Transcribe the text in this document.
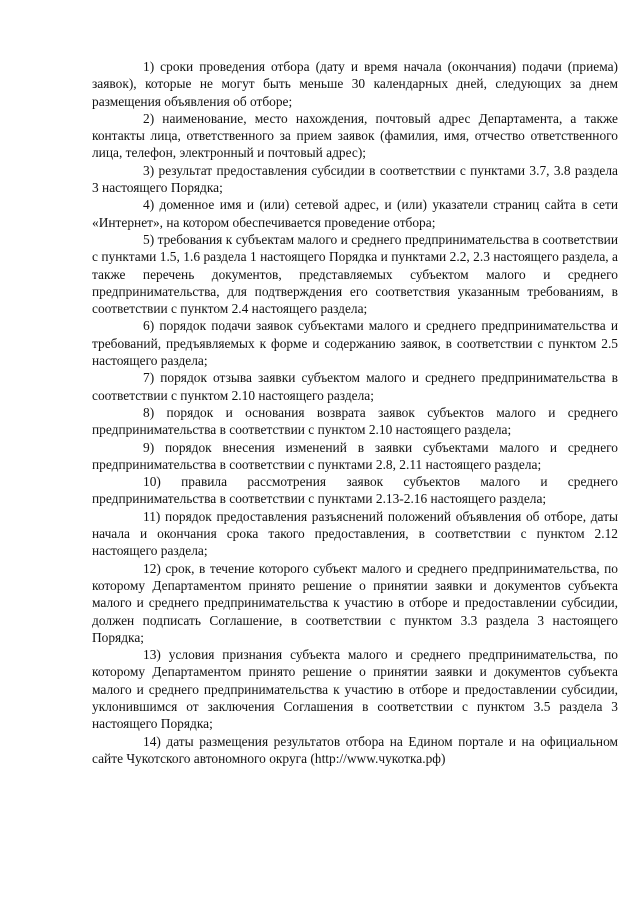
1) сроки проведения отбора (дату и время начала (окончания) подачи (приема) заявок), которые не могут быть меньше 30 календарных дней, следующих за днем размещения объявления об отборе;

2) наименование, место нахождения, почтовый адрес Департамента, а также контакты лица, ответственного за прием заявок (фамилия, имя, отчество ответственного лица, телефон, электронный и почтовый адрес);

3) результат предоставления субсидии в соответствии с пунктами 3.7, 3.8 раздела 3 настоящего Порядка;

4) доменное имя и (или) сетевой адрес, и (или) указатели страниц сайта в сети «Интернет», на котором обеспечивается проведение отбора;

5) требования к субъектам малого и среднего предпринимательства в соответствии с пунктами 1.5, 1.6 раздела 1 настоящего Порядка и пунктами 2.2, 2.3 настоящего раздела, а также перечень документов, представляемых субъектом малого и среднего предпринимательства, для подтверждения его соответствия указанным требованиям, в соответствии с пунктом 2.4 настоящего раздела;

6) порядок подачи заявок субъектами малого и среднего предпринимательства и требований, предъявляемых к форме и содержанию заявок, в соответствии с пунктом 2.5 настоящего раздела;

7) порядок отзыва заявки субъектом малого и среднего предпринимательства в соответствии с пунктом 2.10 настоящего раздела;

8) порядок и основания возврата заявок субъектов малого и среднего предпринимательства в соответствии с пунктом 2.10 настоящего раздела;

9) порядок внесения изменений в заявки субъектами малого и среднего предпринимательства в соответствии с пунктами 2.8, 2.11 настоящего раздела;

10) правила рассмотрения заявок субъектов малого и среднего предпринимательства в соответствии с пунктами 2.13-2.16 настоящего раздела;

11) порядок предоставления разъяснений положений объявления об отборе, даты начала и окончания срока такого предоставления, в соответствии с пунктом 2.12 настоящего раздела;

12) срок, в течение которого субъект малого и среднего предпринимательства, по которому Департаментом принято решение о принятии заявки и документов субъекта малого и среднего предпринимательства к участию в отборе и предоставлении субсидии, должен подписать Соглашение, в соответствии с пунктом 3.3 раздела 3 настоящего Порядка;

13) условия признания субъекта малого и среднего предпринимательства, по которому Департаментом принято решение о принятии заявки и документов субъекта малого и среднего предпринимательства к участию в отборе и предоставлении субсидии, уклонившимся от заключения Соглашения в соответствии с пунктом 3.5 раздела 3 настоящего Порядка;

14) даты размещения результатов отбора на Едином портале и на официальном сайте Чукотского автономного округа (http://www.чукотка.рф)
